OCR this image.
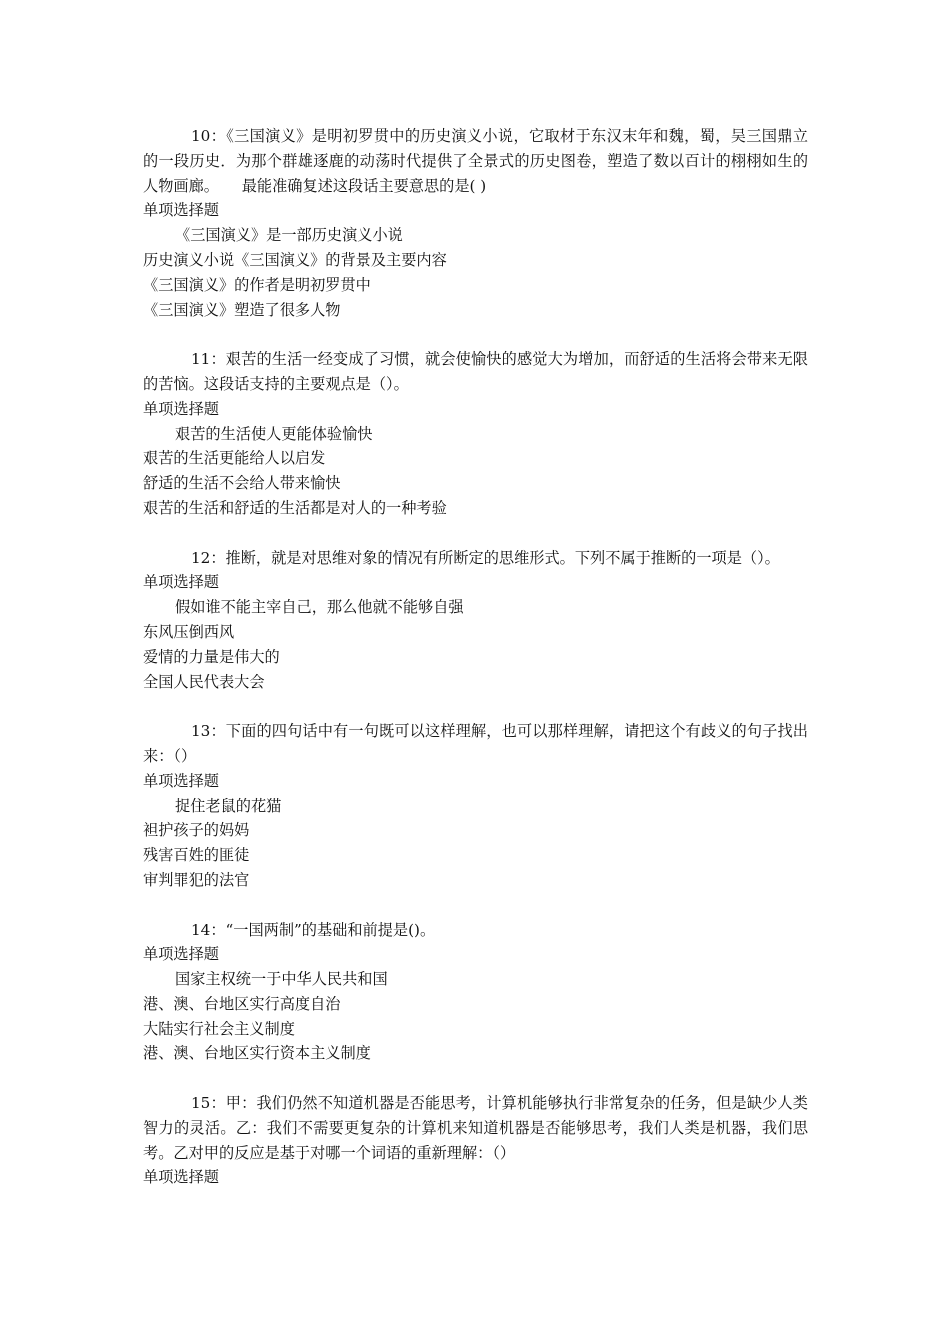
10：《三国演义》是明初罗贯中的历史演义小说，它取材于东汉末年和魏，蜀，吴三国鼎立的一段历史．为那个群雄逐鹿的动荡时代提供了全景式的历史图卷，塑造了数以百计的栩栩如生的人物画廊。　　最能准确复述这段话主要意思的是( )

单项选择题

《三国演义》是一部历史演义小说
历史演义小说《三国演义》的背景及主要内容
《三国演义》的作者是明初罗贯中
《三国演义》塑造了很多人物

11：艰苦的生活一经变成了习惯，就会使愉快的感觉大为增加，而舒适的生活将会带来无限的苦恼。这段话支持的主要观点是（）。

单项选择题

艰苦的生活使人更能体验愉快
艰苦的生活更能给人以启发
舒适的生活不会给人带来愉快
艰苦的生活和舒适的生活都是对人的一种考验

12：推断，就是对思维对象的情况有所断定的思维形式。下列不属于推断的一项是（）。

单项选择题

假如谁不能主宰自己，那么他就不能够自强
东风压倒西风
爱情的力量是伟大的
全国人民代表大会

13：下面的四句话中有一句既可以这样理解，也可以那样理解，请把这个有歧义的句子找出来：（）

单项选择题

捉住老鼠的花猫
袒护孩子的妈妈
残害百姓的匪徒
审判罪犯的法官

14：“一国两制”的基础和前提是()。

单项选择题

国家主权统一于中华人民共和国
港、澳、台地区实行高度自治
大陆实行社会主义制度
港、澳、台地区实行资本主义制度

15：甲：我们仍然不知道机器是否能思考，计算机能够执行非常复杂的任务，但是缺少人类智力的灵活。乙：我们不需要更复杂的计算机来知道机器是否能够思考，我们人类是机器，我们思考。乙对甲的反应是基于对哪一个词语的重新理解：（）

单项选择题
